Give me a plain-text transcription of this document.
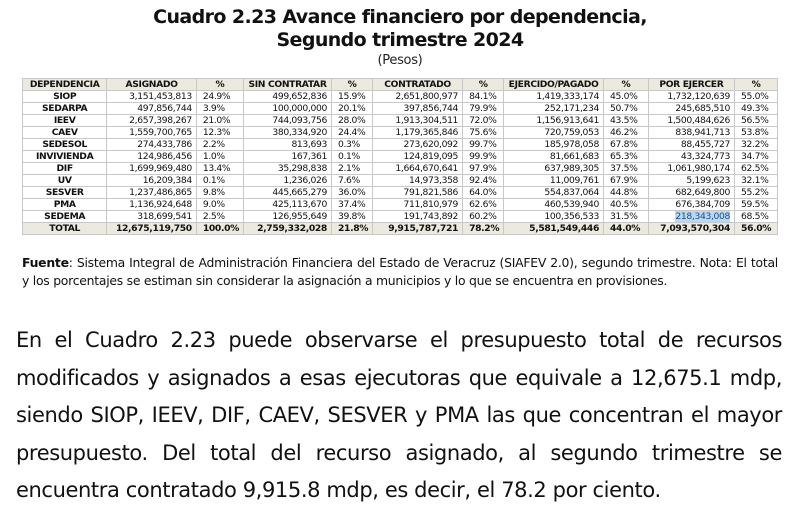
Cuadro 2.23 Avance financiero por dependencia,
Segundo trimestre 2024
(Pesos)
DEPENDENCIA	ASIGNADO	%	SIN CONTRATAR	%	CONTRATADO	%	EJERCIDO/PAGADO	%	POR EJERCER	%
SIOP	3,151,453,813	24.9%	499,652,836	15.9%	2,651,800,977	84.1%	1,419,333,174	45.0%	1,732,120,639	55.0%
SEDARPA	497,856,744	3.9%	100,000,000	20.1%	397,856,744	79.9%	252,171,234	50.7%	245,685,510	49.3%
IEEV	2,657,398,267	21.0%	744,093,756	28.0%	1,913,304,511	72.0%	1,156,913,641	43.5%	1,500,484,626	56.5%
CAEV	1,559,700,765	12.3%	380,334,920	24.4%	1,179,365,846	75.6%	720,759,053	46.2%	838,941,713	53.8%
SEDESOL	274,433,786	2.2%	813,693	0.3%	273,620,092	99.7%	185,978,058	67.8%	88,455,727	32.2%
INVIVIENDA	124,986,456	1.0%	167,361	0.1%	124,819,095	99.9%	81,661,683	65.3%	43,324,773	34.7%
DIF	1,699,969,480	13.4%	35,298,838	2.1%	1,664,670,641	97.9%	637,989,305	37.5%	1,061,980,174	62.5%
UV	16,209,384	0.1%	1,236,026	7.6%	14,973,358	92.4%	11,009,761	67.9%	5,199,623	32.1%
SESVER	1,237,486,865	9.8%	445,665,279	36.0%	791,821,586	64.0%	554,837,064	44.8%	682,649,800	55.2%
PMA	1,136,924,648	9.0%	425,113,670	37.4%	711,810,979	62.6%	460,539,940	40.5%	676,384,709	59.5%
SEDEMA	318,699,541	2.5%	126,955,649	39.8%	191,743,892	60.2%	100,356,533	31.5%	218,343,008	68.5%
TOTAL	12,675,119,750	100.0%	2,759,332,028	21.8%	9,915,787,721	78.2%	5,581,549,446	44.0%	7,093,570,304	56.0%
Fuente: Sistema Integral de Administración Financiera del Estado de Veracruz (SIAFEV 2.0), segundo trimestre. Nota: El total y los porcentajes se estiman sin considerar la asignación a municipios y lo que se encuentra en provisiones.
En el Cuadro 2.23 puede observarse el presupuesto total de recursos modificados y asignados a esas ejecutoras que equivale a 12,675.1 mdp, siendo SIOP, IEEV, DIF, CAEV, SESVER y PMA las que concentran el mayor presupuesto. Del total del recurso asignado, al segundo trimestre se encuentra contratado 9,915.8 mdp, es decir, el 78.2 por ciento.
